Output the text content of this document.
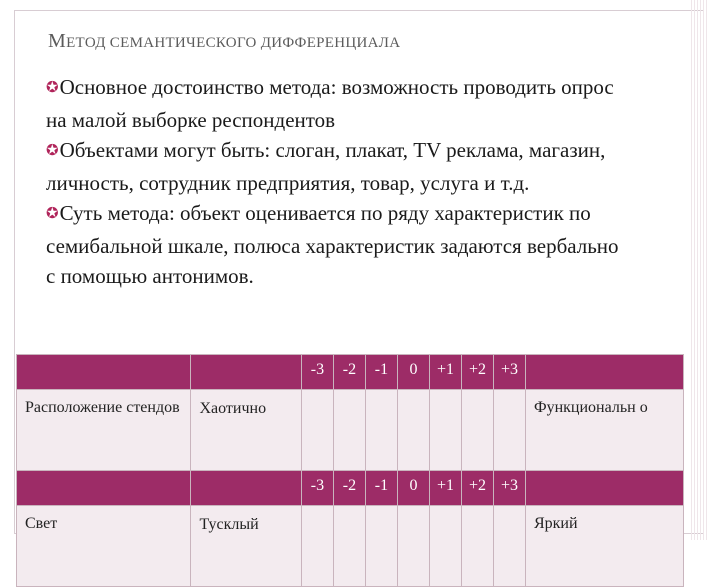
МЕТОД СЕМАНТИЧЕСКОГО ДИФФЕРЕНЦИАЛА
✪Основное достоинство метода: возможность проводить опрос на малой выборке респондентов
✪Объектами могут быть: слоган, плакат, TV реклама, магазин, личность, сотрудник предприятия, товар, услуга и т.д.
✪Суть метода: объект оценивается по ряду характеристик по семибальной шкале, полюса характеристик задаются вербально с помощью антонимов.
		-3	-2	-1	0	+1	+2	+3	
Расположение стендов	Хаотично								Функциональн о
		-3	-2	-1	0	+1	+2	+3	
Свет	Тусклый								Яркий
